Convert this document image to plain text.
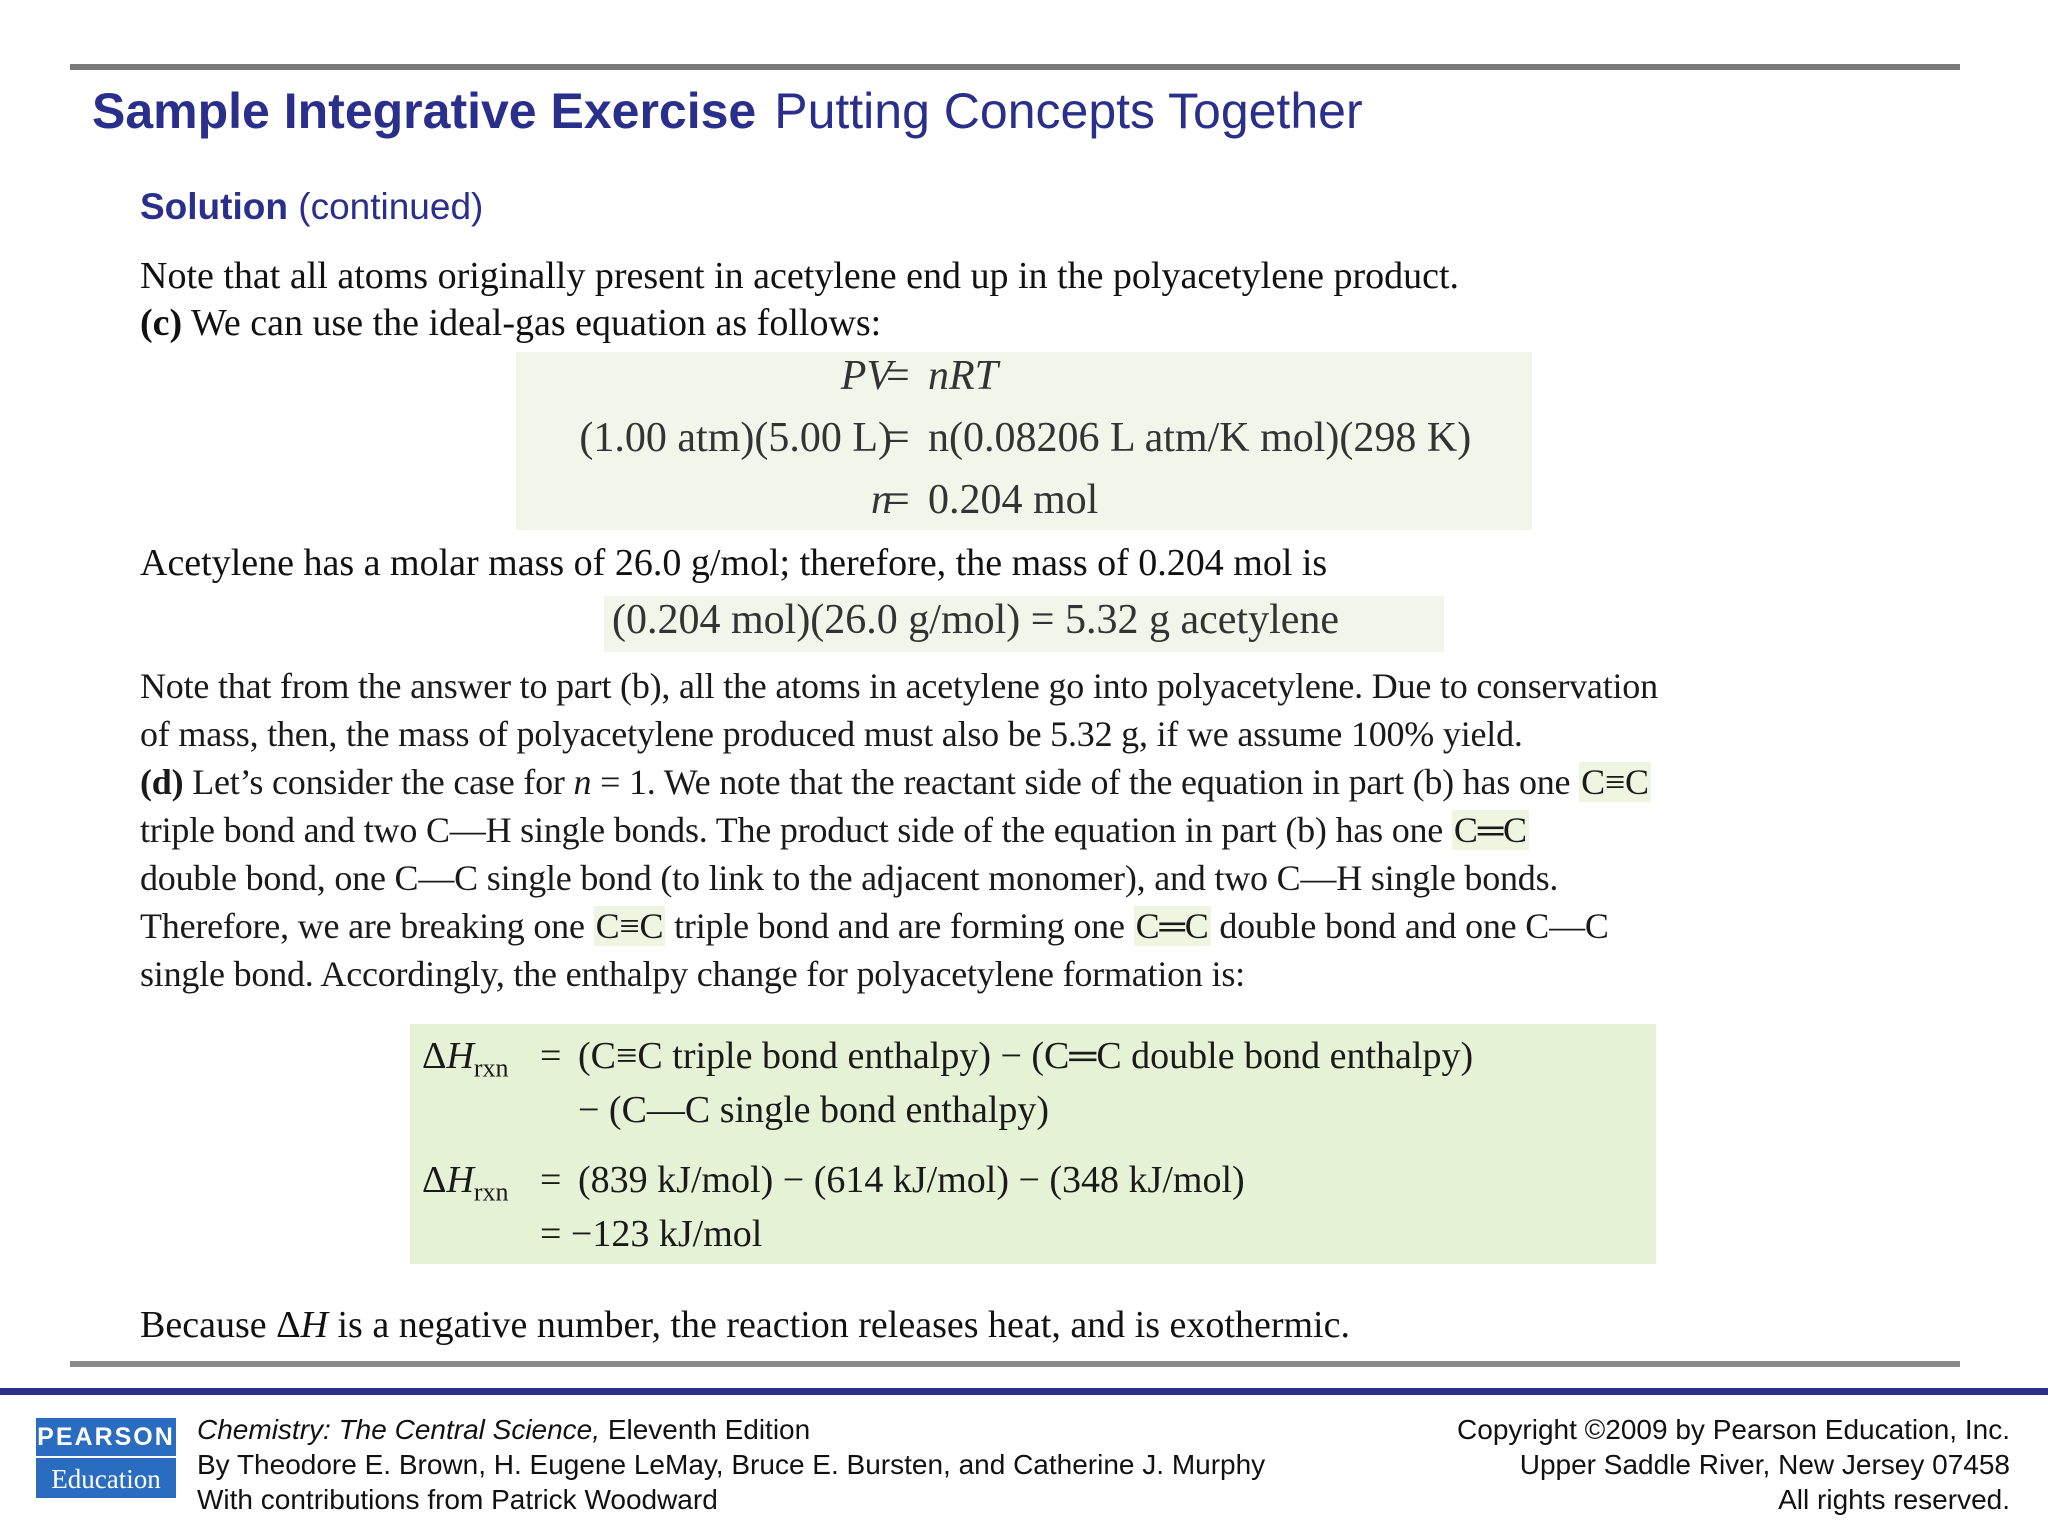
Sample Integrative Exercise Putting Concepts Together
Solution (continued)
Note that all atoms originally present in acetylene end up in the polyacetylene product.
(c) We can use the ideal-gas equation as follows:
PV
= nRT
(1.00 atm)(5.00 L)
= n(0.08206 L atm/K mol)(298 K)
n
= 0.204 mol
Acetylene has a molar mass of 26.0 g/mol; therefore, the mass of 0.204 mol is
(0.204 mol)(26.0 g/mol) = 5.32 g acetylene
Note that from the answer to part (b), all the atoms in acetylene go into polyacetylene. Due to conservation
of mass, then, the mass of polyacetylene produced must also be 5.32 g, if we assume 100% yield.
(d) Let’s consider the case for n = 1. We note that the reactant side of the equation in part (b) has one C≡C
triple bond and two C—H single bonds. The product side of the equation in part (b) has one C═C
double bond, one C—C single bond (to link to the adjacent monomer), and two C—H single bonds.
Therefore, we are breaking one C≡C triple bond and are forming one C═C double bond and one C—C
single bond. Accordingly, the enthalpy change for polyacetylene formation is:
$\Delta H_{rxn} = (C\equiv C$ triple bond enthalpy) − (C═C double bond enthalpy)
− (C—C single bond enthalpy)
$\Delta H_{rxn} = (839$ kJ/mol) − (614 kJ/mol) − (348 kJ/mol)
= −123 kJ/mol
Because ΔH is a negative number, the reaction releases heat, and is exothermic.
PEARSON
Education
Chemistry: The Central Science, Eleventh Edition
By Theodore E. Brown, H. Eugene LeMay, Bruce E. Bursten, and Catherine J. Murphy
With contributions from Patrick Woodward
Copyright ©2009 by Pearson Education, Inc.
Upper Saddle River, New Jersey 07458
All rights reserved.
